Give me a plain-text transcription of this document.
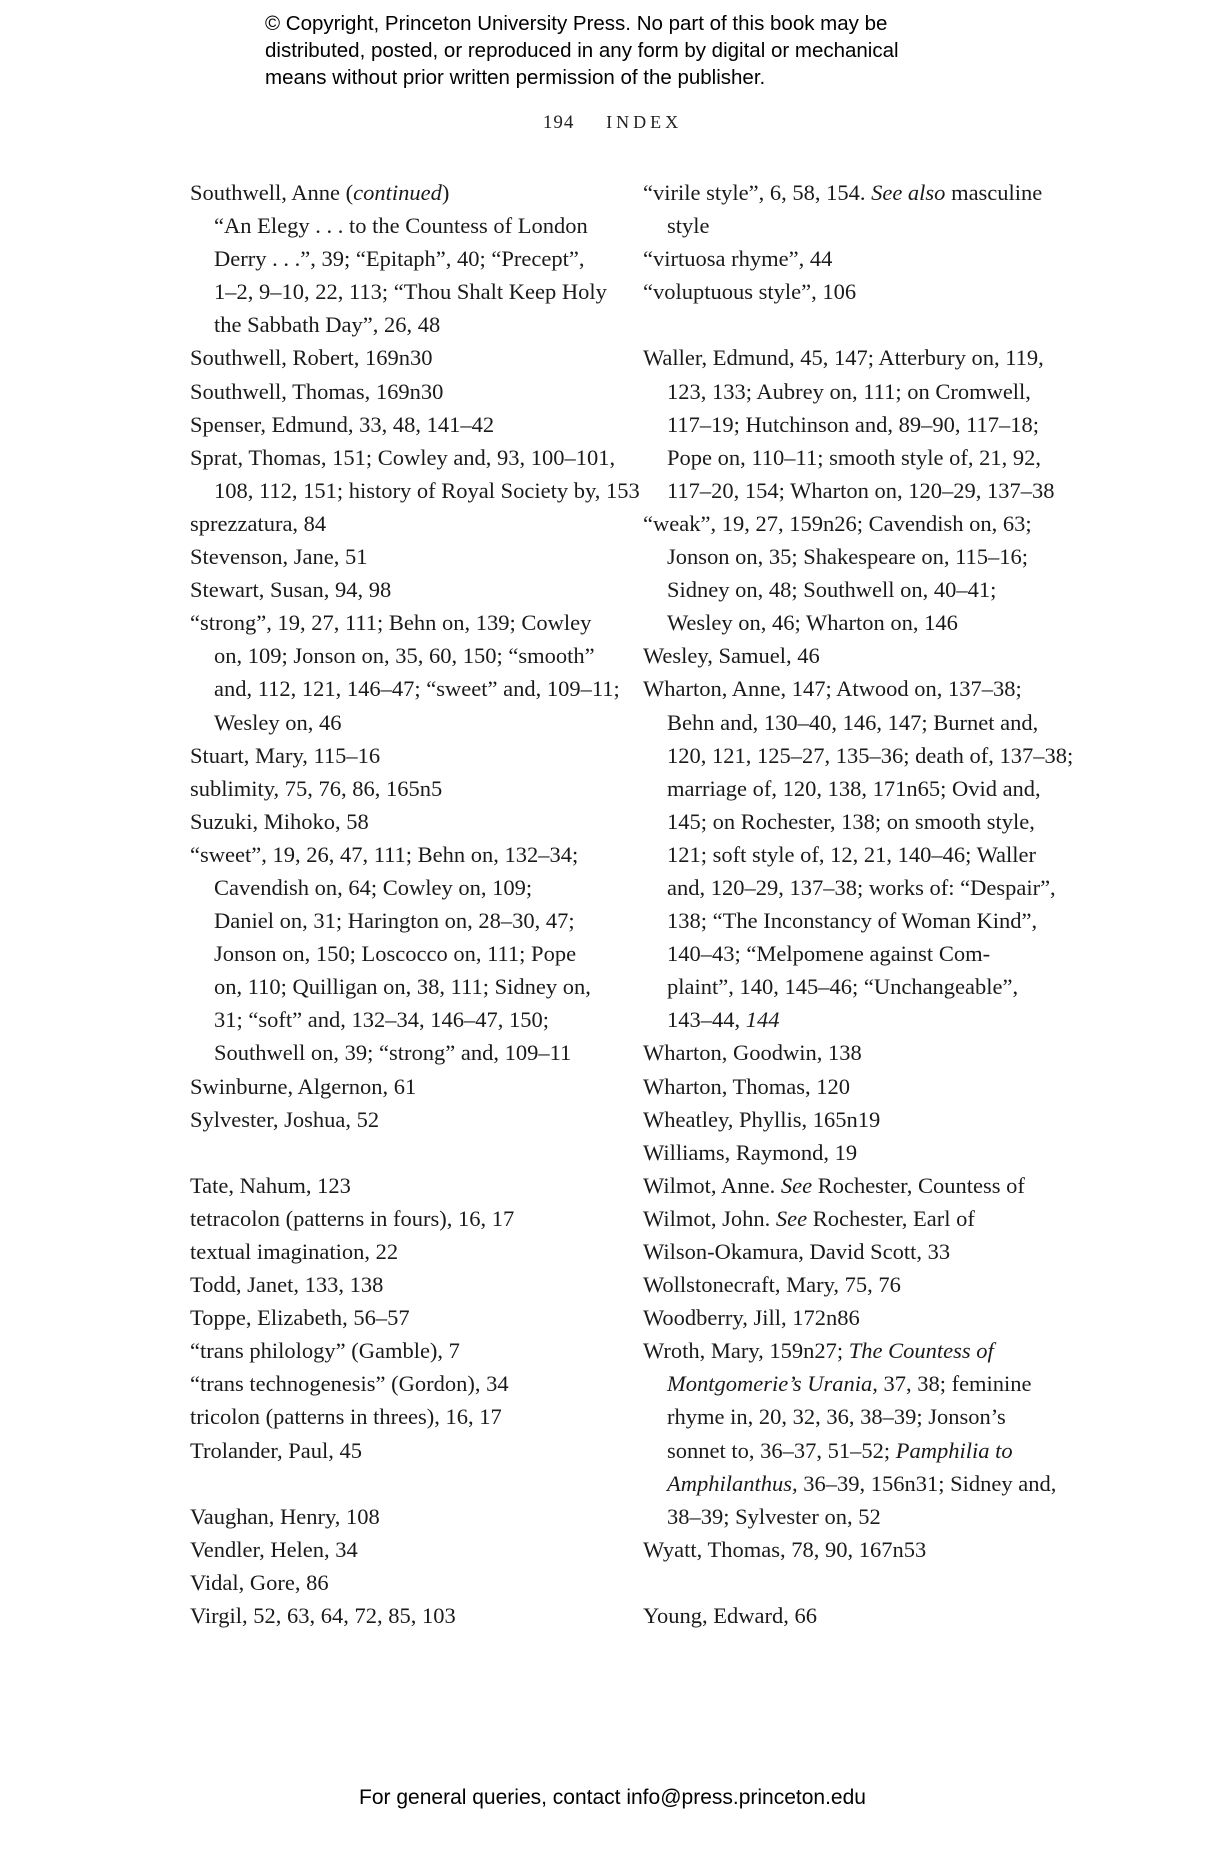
© Copyright, Princeton University Press. No part of this book may be
distributed, posted, or reproduced in any form by digital or mechanical
means without prior written permission of the publisher.
194 INDEX
Southwell, Anne (continued)
“An Elegy . . . to the Countess of London
Derry . . .”, 39; “Epitaph”, 40; “Precept”,
1–2, 9–10, 22, 113; “Thou Shalt Keep Holy
the Sabbath Day”, 26, 48
Southwell, Robert, 169n30
Southwell, Thomas, 169n30
Spenser, Edmund, 33, 48, 141–42
Sprat, Thomas, 151; Cowley and, 93, 100–101,
108, 112, 151; history of Royal Society by, 153
sprezzatura, 84
Stevenson, Jane, 51
Stewart, Susan, 94, 98
“strong”, 19, 27, 111; Behn on, 139; Cowley
on, 109; Jonson on, 35, 60, 150; “smooth”
and, 112, 121, 146–47; “sweet” and, 109–11;
Wesley on, 46
Stuart, Mary, 115–16
sublimity, 75, 76, 86, 165n5
Suzuki, Mihoko, 58
“sweet”, 19, 26, 47, 111; Behn on, 132–34;
Cavendish on, 64; Cowley on, 109;
Daniel on, 31; Harington on, 28–30, 47;
Jonson on, 150; Loscocco on, 111; Pope
on, 110; Quilligan on, 38, 111; Sidney on,
31; “soft” and, 132–34, 146–47, 150;
Southwell on, 39; “strong” and, 109–11
Swinburne, Algernon, 61
Sylvester, Joshua, 52
Tate, Nahum, 123
tetracolon (patterns in fours), 16, 17
textual imagination, 22
Todd, Janet, 133, 138
Toppe, Elizabeth, 56–57
“trans philology” (Gamble), 7
“trans technogenesis” (Gordon), 34
tricolon (patterns in threes), 16, 17
Trolander, Paul, 45
Vaughan, Henry, 108
Vendler, Helen, 34
Vidal, Gore, 86
Virgil, 52, 63, 64, 72, 85, 103
“virile style”, 6, 58, 154. See also masculine
style
“virtuosa rhyme”, 44
“voluptuous style”, 106
Waller, Edmund, 45, 147; Atterbury on, 119,
123, 133; Aubrey on, 111; on Cromwell,
117–19; Hutchinson and, 89–90, 117–18;
Pope on, 110–11; smooth style of, 21, 92,
117–20, 154; Wharton on, 120–29, 137–38
“weak”, 19, 27, 159n26; Cavendish on, 63;
Jonson on, 35; Shakespeare on, 115–16;
Sidney on, 48; Southwell on, 40–41;
Wesley on, 46; Wharton on, 146
Wesley, Samuel, 46
Wharton, Anne, 147; Atwood on, 137–38;
Behn and, 130–40, 146, 147; Burnet and,
120, 121, 125–27, 135–36; death of, 137–38;
marriage of, 120, 138, 171n65; Ovid and,
145; on Rochester, 138; on smooth style,
121; soft style of, 12, 21, 140–46; Waller
and, 120–29, 137–38; works of: “Despair”,
138; “The Inconstancy of Woman Kind”,
140–43; “Melpomene against Com-
plaint”, 140, 145–46; “Unchangeable”,
143–44, 144
Wharton, Goodwin, 138
Wharton, Thomas, 120
Wheatley, Phyllis, 165n19
Williams, Raymond, 19
Wilmot, Anne. See Rochester, Countess of
Wilmot, John. See Rochester, Earl of
Wilson-Okamura, David Scott, 33
Wollstonecraft, Mary, 75, 76
Woodberry, Jill, 172n86
Wroth, Mary, 159n27; The Countess of
Montgomerie’s Urania, 37, 38; feminine
rhyme in, 20, 32, 36, 38–39; Jonson’s
sonnet to, 36–37, 51–52; Pamphilia to
Amphilanthus, 36–39, 156n31; Sidney and,
38–39; Sylvester on, 52
Wyatt, Thomas, 78, 90, 167n53
Young, Edward, 66
For general queries, contact info@press.princeton.edu
